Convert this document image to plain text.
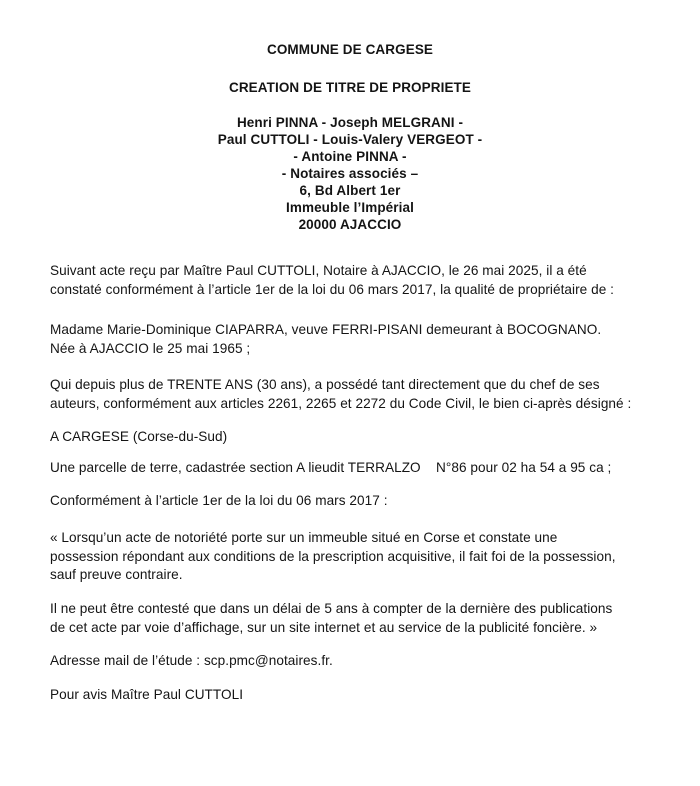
COMMUNE DE CARGESE
CREATION DE TITRE DE PROPRIETE
Henri PINNA - Joseph MELGRANI -
Paul CUTTOLI - Louis-Valery VERGEOT -
- Antoine PINNA -
- Notaires associés –
6, Bd Albert 1er
Immeuble l’Impérial
20000 AJACCIO
Suivant acte reçu par Maître Paul CUTTOLI, Notaire à AJACCIO, le 26 mai 2025, il a été
constaté conformément à l’article 1er de la loi du 06 mars 2017, la qualité de propriétaire de :
Madame Marie-Dominique CIAPARRA, veuve FERRI-PISANI demeurant à BOCOGNANO.
Née à AJACCIO le 25 mai 1965 ;
Qui depuis plus de TRENTE ANS (30 ans), a possédé tant directement que du chef de ses
auteurs, conformément aux articles 2261, 2265 et 2272 du Code Civil, le bien ci-après désigné :
A CARGESE (Corse-du-Sud)
Une parcelle de terre, cadastrée section A lieudit TERRALZO    N°86 pour 02 ha 54 a 95 ca ;
Conformément à l’article 1er de la loi du 06 mars 2017 :
« Lorsqu’un acte de notoriété porte sur un immeuble situé en Corse et constate une
possession répondant aux conditions de la prescription acquisitive, il fait foi de la possession,
sauf preuve contraire.
Il ne peut être contesté que dans un délai de 5 ans à compter de la dernière des publications
de cet acte par voie d’affichage, sur un site internet et au service de la publicité foncière. »
Adresse mail de l’étude : scp.pmc@notaires.fr.
Pour avis Maître Paul CUTTOLI
